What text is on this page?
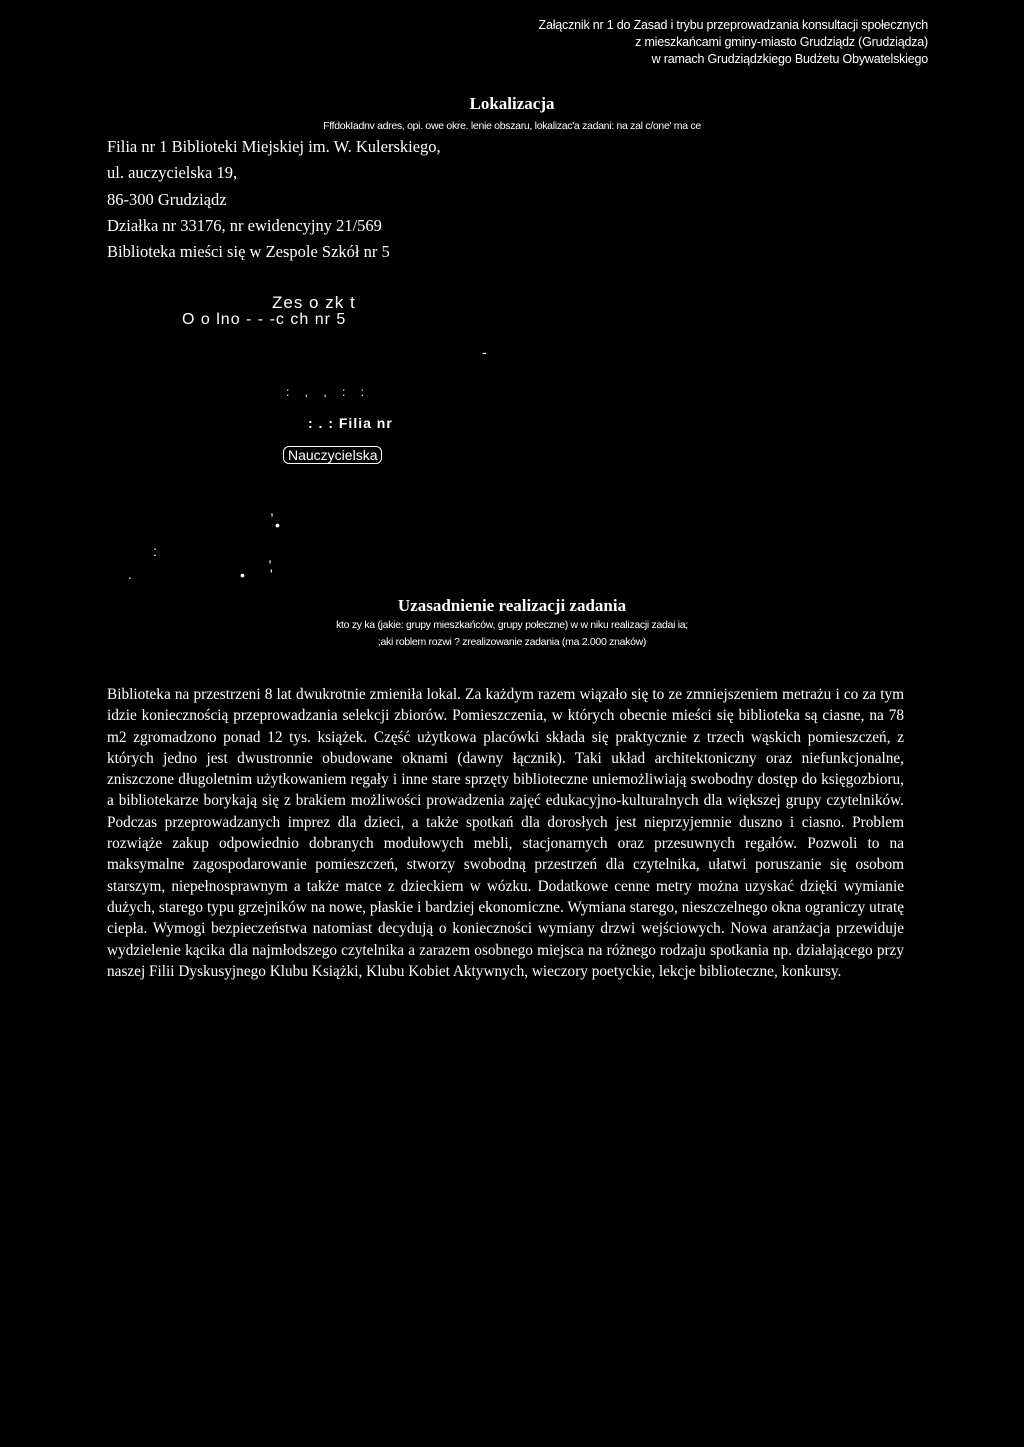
Załącznik nr 1 do Zasad i trybu przeprowadzania konsultacji społecznych
z mieszkańcami gminy-miasto Grudziądz (Grudziądza)
w ramach Grudziądzkiego Budżetu Obywatelskiego
Lokalizacja
FffdokIadnv adres, opi. owe okre. lenie obszaru, lokalizac'a zadani: na zal c/one' ma ce
Filia nr 1 Biblioteki Miejskiej im. W. Kulerskiego,
ul. auczycielska 19,
86-300 Grudziądz
Działka nr 33176, nr ewidencyjny 21/569
Biblioteka mieści się w Zespole Szkół nr 5
Zes o zk t
O o lno - - -c ch nr 5
: , , : :
: . : Filia nr
Nauczycielska
-
,
•
:	,
.	• '
Uzasadnienie realizacji zadania
kto zy ka (jakie: grupy mieszkańców, grupy połeczne) w w niku realizacji zadai ia;
;aki roblem rozwi ? zrealizowanie zadania (ma 2.000 znaków)
Biblioteka na przestrzeni 8 lat dwukrotnie zmieniła lokal. Za każdym razem wiązało się to ze zmniejszeniem metrażu i co za tym idzie koniecznością przeprowadzania selekcji zbiorów. Pomieszczenia, w których obecnie mieści się biblioteka są ciasne, na 78 m2 zgromadzono ponad 12 tys. książek. Część użytkowa placówki składa się praktycznie z trzech wąskich pomieszczeń, z których jedno jest dwustronnie obudowane oknami (dawny łącznik). Taki układ architektoniczny oraz niefunkcjonalne, zniszczone długoletnim użytkowaniem regały i inne stare sprzęty biblioteczne uniemożliwiają swobodny dostęp do księgozbioru, a bibliotekarze borykają się z brakiem możliwości prowadzenia zajęć edukacyjno-kulturalnych dla większej grupy czytelników. Podczas przeprowadzanych imprez dla dzieci, a także spotkań dla dorosłych jest nieprzyjemnie duszno i ciasno. Problem rozwiąże zakup odpowiednio dobranych modułowych mebli, stacjonarnych oraz przesuwnych regałów. Pozwoli to na maksymalne zagospodarowanie pomieszczeń, stworzy swobodną przestrzeń dla czytelnika, ułatwi poruszanie się osobom starszym, niepełnosprawnym a także matce z dzieckiem w wózku. Dodatkowe cenne metry można uzyskać dzięki wymianie dużych, starego typu grzejników na nowe, płaskie i bardziej ekonomiczne. Wymiana starego, nieszczelnego okna ograniczy utratę ciepła. Wymogi bezpieczeństwa natomiast decydują o konieczności wymiany drzwi wejściowych. Nowa aranżacja przewiduje wydzielenie kącika dla najmłodszego czytelnika a zarazem osobnego miejsca na różnego rodzaju spotkania np. działającego przy naszej Filii Dyskusyjnego Klubu Książki, Klubu Kobiet Aktywnych, wieczory poetyckie, lekcje biblioteczne, konkursy.
